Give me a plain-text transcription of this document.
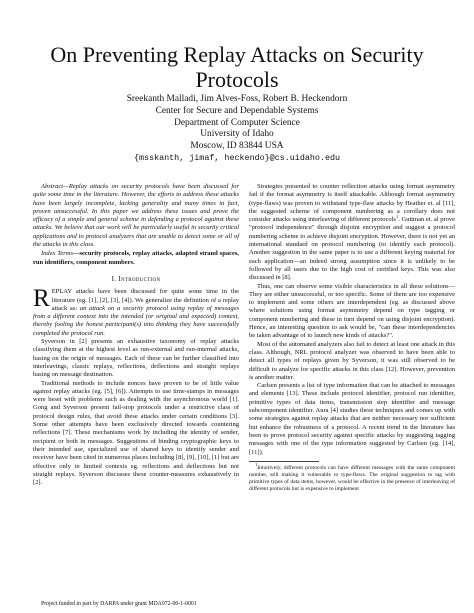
On Preventing Replay Attacks on Security
Protocols
Sreekanth Malladi, Jim Alves-Foss, Robert B. Heckendorn
Center for Secure and Dependable Systems
Department of Computer Science
University of Idaho
Moscow, ID 83844 USA
{msskanth, jimaf, heckendo}@cs.uidaho.edu

Abstract—Replay attacks on security protocols have been discussed for quite some time in the literature. However, the efforts to address these attacks have been largely incomplete, lacking generality and many times in fact, proven unsuccessful. In this paper we address these issues and prove the efficacy of a simple and general scheme in defending a protocol against these attacks. We believe that our work will be particularly useful in security critical applications and to protocol analyzers that are unable to detect some or all of the attacks in this class.

Index Terms—security protocols, replay attacks, adapted strand spaces, run identifiers, component numbers.

I. Introduction

REPLAY attacks have been discussed for quite some time in the literature (eg. [1], [2], [3], [4]). We generalize the definition of a replay attack as: an attack on a security protocol using replay of messages from a different context into the intended (or original and expected) context, thereby fooling the honest participant(s) into thinking they have successfully completed the protocol run.

Syverson in [2] presents an exhaustive taxonomy of replay attacks classifying them at the highest level as run-external and run-internal attacks, basing on the origin of messages. Each of these can be further classified into interleavings, classic replays, reflections, deflections and straight replays basing on message destination.

Traditional methods to include nonces have proven to be of little value against replay attacks (eg. [5], [6]). Attempts to use time-stamps in messages were beset with problems such as dealing with the asynchronous world [1]. Gong and Syverson present fail-stop protocols under a restrictive class of protocol design rules, that avoid these attacks under certain conditions [3]. Some other attempts have been exclusively directed towards countering reflections [7]. These mechanisms work by including the identity of sender, recipient or both in messages. Suggestions of binding cryptographic keys to their intended use, specialized use of shared keys to identify sender and receiver have been cited in numerous places including [8], [9], [10], [1] but are effective only in limited contexts eg. reflections and deflections but not straight replays. Syverson discusses these counter-measures exhaustively in [2].

Strategies presented to counter reflection attacks using format asymmetry fail if the format asymmetry is itself attackable. Although format asymmetry (type-flaws) was proven to withstand type-flaw attacks by Heather et. al [11], the suggested scheme of component numbering as a corollary does not consider attacks using interleaving of different protocols$^1$. Guttman et. al prove "protocol independence" through disjoint encryption and suggest a protocol numbering scheme to achieve disjoint encryption. However, there is not yet an international standard on protocol numbering (to identify each protocol). Another suggestion in the same paper is to use a different keying material for each application—an indeed strong assumption since it is unlikely to be followed by all users due to the high cost of certified keys. This was also discussed in [8].

Thus, one can observe some visible characteristics in all these solutions—They are either unsuccessful, or too specific. Some of them are too expensive to implement and some others are interdependent (eg. as discussed above where solutions using format asymmetry depend on type tagging or component numbering and these in turn depend on using disjoint encryption). Hence, an interesting question to ask would be, "can these interdependencies be taken advantage of to launch new kinds of attacks?".

Most of the automated analyzers also fail to detect at least one attack in this class. Although, NRL protocol analyzer was observed to have been able to detect all types of replays given by Syverson, it was still observed to be difficult to analyze for specific attacks in this class [12]. However, prevention is another matter.

Carlsen presents a list of type information that can be attached to messages and elements [13]. These include protocol identifier, protocol run identifier, primitive types of data items, transmission step identifier and message subcomponent identifier. Aura [4] studies these techniques and comes up with some strategies against replay attacks that are neither necessary nor sufficient but enhance the robustness of a protocol. A recent trend in the literature has been to prove protocol security against specific attacks by suggesting tagging messages with one of the type information suggested by Carlsen (eg. [14], [11]).

$^1$Intuitively, different protocols can have different messages with the same component number, still making it vulnerable to type-flaws. The original suggestion to tag with primitive types of data items, however, would be effective in the presence of interleaving of different protocols but is expensive to implement

Project funded in part by DARPA under grant MDA972-00-1-0001
